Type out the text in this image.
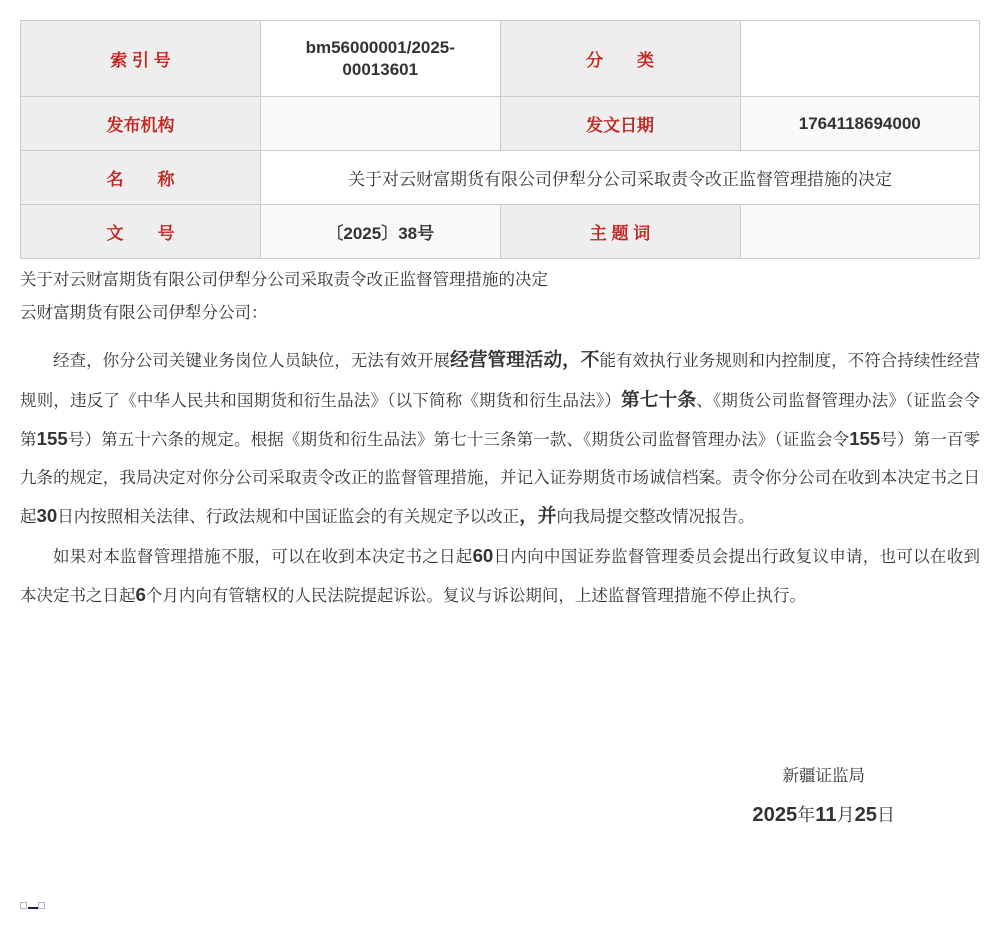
索 引 号	bm56000001/2025-00013601	分　　类	
发布机构		发文日期	1764118694000
名　　称	关于对云财富期货有限公司伊犁分公司采取责令改正监督管理措施的决定		
文　　号	〔2025〕38号	主 题 词	
关于对云财富期货有限公司伊犁分公司采取责令改正监督管理措施的决定
云财富期货有限公司伊犁分公司：

经查，你分公司关键业务岗位人员缺位，无法有效开展经营管理活动，不能有效执行业务规则和内控制度，不符合持续性经营规则，违反了《中华人民共和国期货和衍生品法》（以下简称《期货和衍生品法》）第七十条、《期货公司监督管理办法》（证监会令第155号）第五十六条的规定。根据《期货和衍生品法》第七十三条第一款、《期货公司监督管理办法》（证监会令155号）第一百零九条的规定，我局决定对你分公司采取责令改正的监督管理措施，并记入证券期货市场诚信档案。责令你分公司在收到本决定书之日起30日内按照相关法律、行政法规和中国证监会的有关规定予以改正，并向我局提交整改情况报告。

如果对本监督管理措施不服，可以在收到本决定书之日起60日内向中国证券监督管理委员会提出行政复议申请，也可以在收到本决定书之日起6个月内向有管辖权的人民法院提起诉讼。复议与诉讼期间，上述监督管理措施不停止执行。

新疆证监局
2025年11月25日
